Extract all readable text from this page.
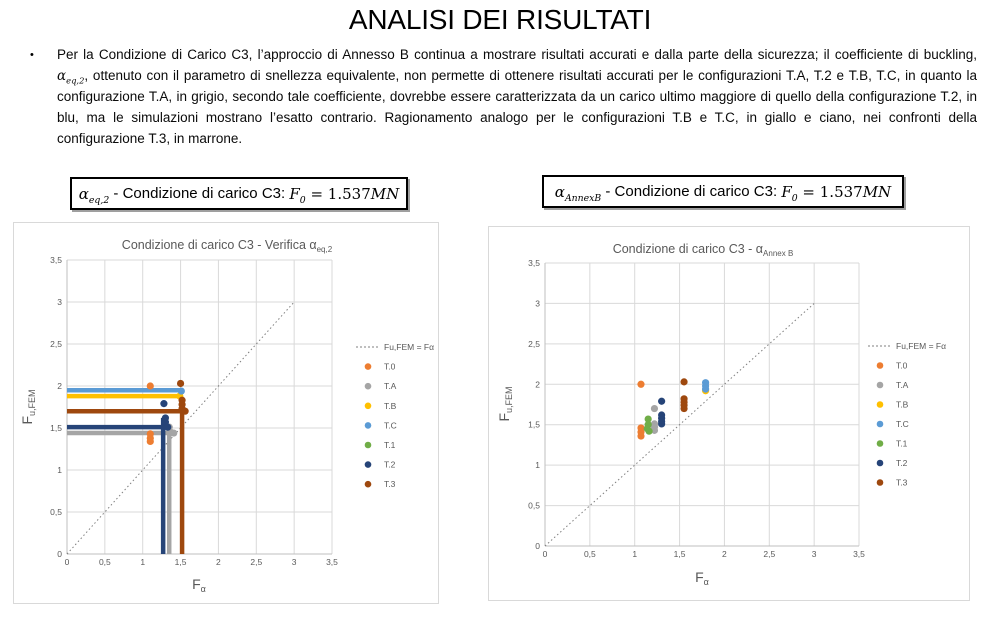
ANALISI DEI RISULTATI
•	Per la Condizione di Carico C3, l’approccio di Annesso B continua a mostrare risultati accurati e dalla parte della sicurezza; il coefficiente di buckling, $\alpha_{eq,2}$, ottenuto con il parametro di snellezza equivalente, non permette di ottenere risultati accurati per le configurazioni T.A, T.2 e T.B, T.C, in quanto la configurazione T.A, in grigio, secondo tale coefficiente, dovrebbe essere caratterizzata da un carico ultimo maggiore di quello della configurazione T.2, in blu, ma le simulazioni mostrano l’esatto contrario. Ragionamento analogo per le configurazioni T.B e T.C, in giallo e ciano, nei confronti della configurazione T.3, in marrone.

$\alpha_{eq,2}$ - Condizione di carico C3: $F_0 = 1.537$ MN	$\alpha_{AnnexB}$ - Condizione di carico C3: $F_0 = 1.537$ MN
0
0
0,5
0,5
1
1
1,5
1,5
2
2
2,5
2,5
3
3
3,5
3,5
Condizione di carico C3 - Verifica $\alpha_{eq,2}$
$F_\alpha$
$F_{u,FEM}$
Fu,FEM = Fα
T.0
T.A
T.B
T.C
T.1
T.2
T.3
0
0
0,5
0,5
1
1
1,5
1,5
2
2
2,5
2,5
3
3
3,5
3,5
Condizione di carico $C3 - \alpha_{Annex B}$
$F_\alpha$
$F_{u,FEM}$
Fu,FEM = Fα
T.0
T.A
T.B
T.C
T.1
T.2
T.3
